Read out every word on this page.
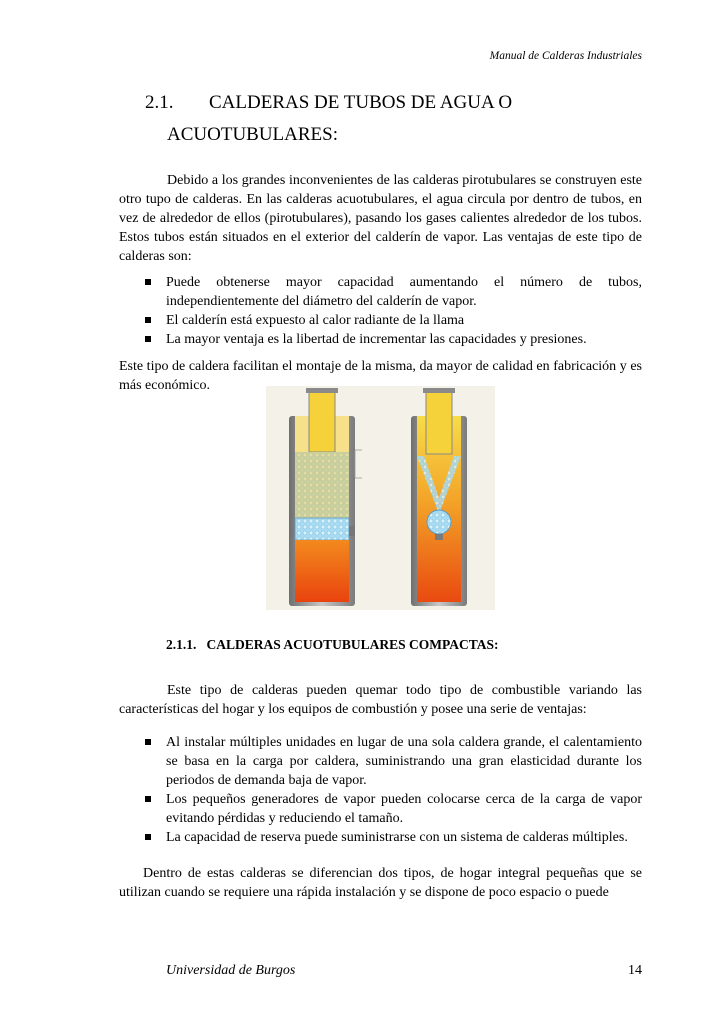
Manual de Calderas Industriales
2.1. CALDERAS DE TUBOS DE AGUA O
ACUOTUBULARES:
Debido a los grandes inconvenientes de las calderas pirotubulares se construyen este otro tupo de calderas. En las calderas acuotubulares, el agua circula por dentro de tubos, en vez de alrededor de ellos (pirotubulares), pasando los gases calientes alrededor de los tubos. Estos tubos están situados en el exterior del calderín de vapor. Las ventajas de este tipo de calderas son:
Puede obtenerse mayor capacidad aumentando el número de tubos, independientemente del diámetro del calderín de vapor.
El calderín está expuesto al calor radiante de la llama
La mayor ventaja es la libertad de incrementar las capacidades y presiones.
Este tipo de caldera facilitan el montaje de la misma, da mayor de calidad en fabricación y es más económico.
2.1.1. CALDERAS ACUOTUBULARES COMPACTAS:
Este tipo de calderas pueden quemar todo tipo de combustible variando las características del hogar y los equipos de combustión y posee una serie de ventajas:
Al instalar múltiples unidades en lugar de una sola caldera grande, el calentamiento se basa en la carga por caldera, suministrando una gran elasticidad durante los periodos de demanda baja de vapor.
Los pequeños generadores de vapor pueden colocarse cerca de la carga de vapor evitando pérdidas y reduciendo el tamaño.
La capacidad de reserva puede suministrarse con un sistema de calderas múltiples.
Dentro de estas calderas se diferencian dos tipos, de hogar integral pequeñas que se utilizan cuando se requiere una rápida instalación y se dispone de poco espacio o puede
Universidad de Burgos	14
